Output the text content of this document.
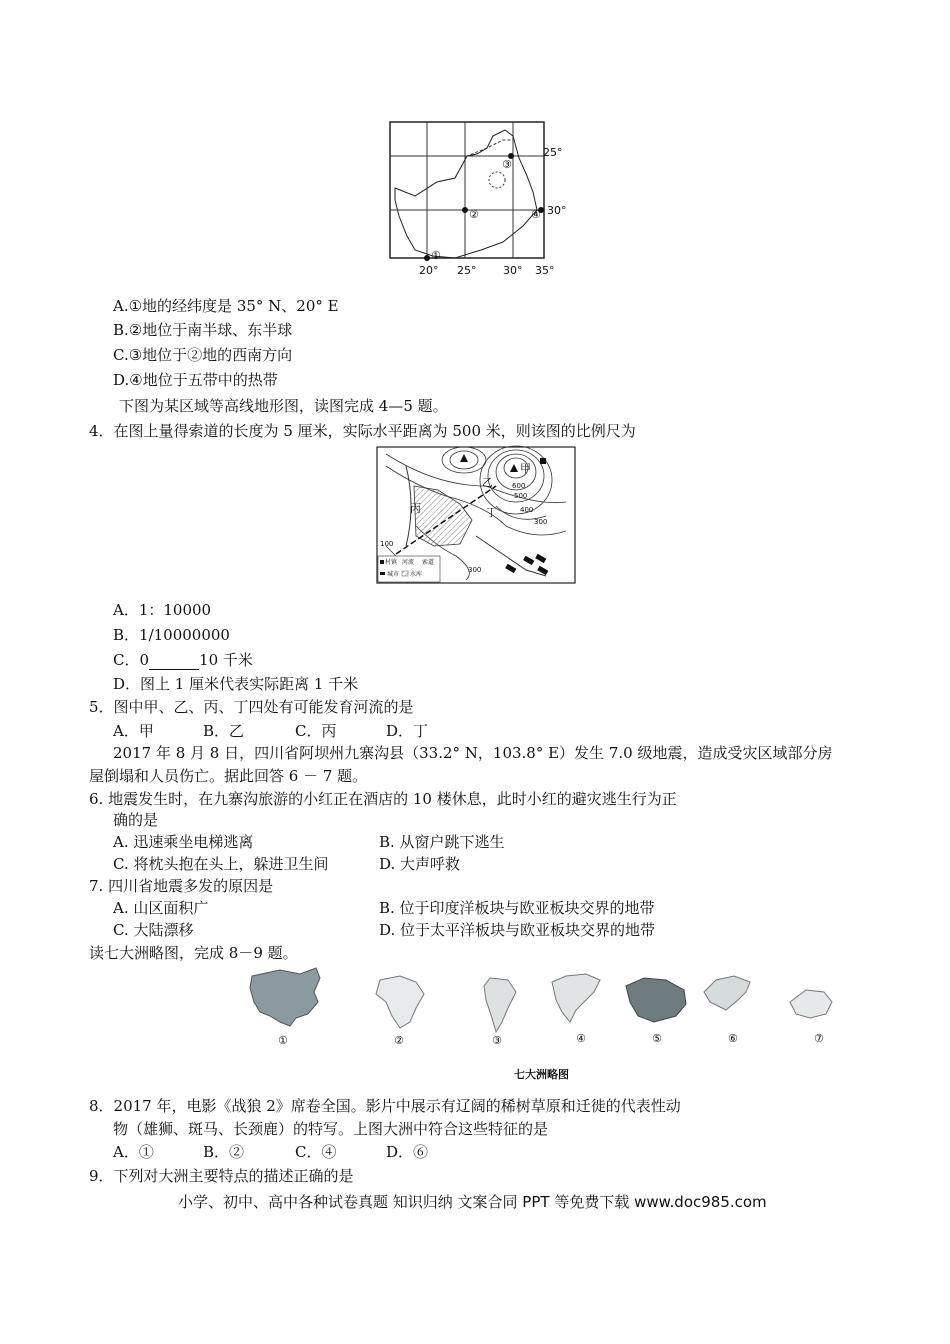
③
②	④
①
25°
30°
20° 25° 30° 35°
A.①地的经纬度是 35° N、20° E
B.②地位于南半球、东半球
C.③地位于②地的西南方向
D.④地位于五带中的热带
下图为某区域等高线地形图，读图完成 4—5 题。
4．在图上量得索道的长度为 5 厘米，实际水平距离为 500 米，则该图的比例尺为
甲
乙
丙	丁
600
500
400
300
100
300
村镇 河流 索道
城市 水库
A．1：10000
B．1/10000000
C．0	10 千米
D．图上 1 厘米代表实际距离 1 千米
5．图中甲、乙、丙、丁四处有可能发育河流的是
A．甲	B．乙	C．丙	D．丁
2017 年 8 月 8 日，四川省阿坝州九寨沟县（33.2° N，103.8° E）发生 7.0 级地震，造成受灾区域部分房
屋倒塌和人员伤亡。据此回答 6 － 7 题。
6. 地震发生时，在九寨沟旅游的小红正在酒店的 10 楼休息，此时小红的避灾逃生行为正
确的是
A. 迅速乘坐电梯逃离	B. 从窗户跳下逃生
C. 将枕头抱在头上，躲进卫生间	D. 大声呼救
7. 四川省地震多发的原因是
A. 山区面积广	B. 位于印度洋板块与欧亚板块交界的地带
C. 大陆漂移	D. 位于太平洋板块与欧亚板块交界的地带
读七大洲略图，完成 8－9 题。
①	②	③	④	⑤	⑥	⑦
七大洲略图
8．2017 年，电影《战狼 2》席卷全国。影片中展示有辽阔的稀树草原和迁徙的代表性动
物（雄狮、斑马、长颈鹿）的特写。上图大洲中符合这些特征的是
A．①	B．②	C．④	D．⑥
9．下列对大洲主要特点的描述正确的是
小学、初中、高中各种试卷真题 知识归纳 文案合同 PPT 等免费下载 www.doc985.com
